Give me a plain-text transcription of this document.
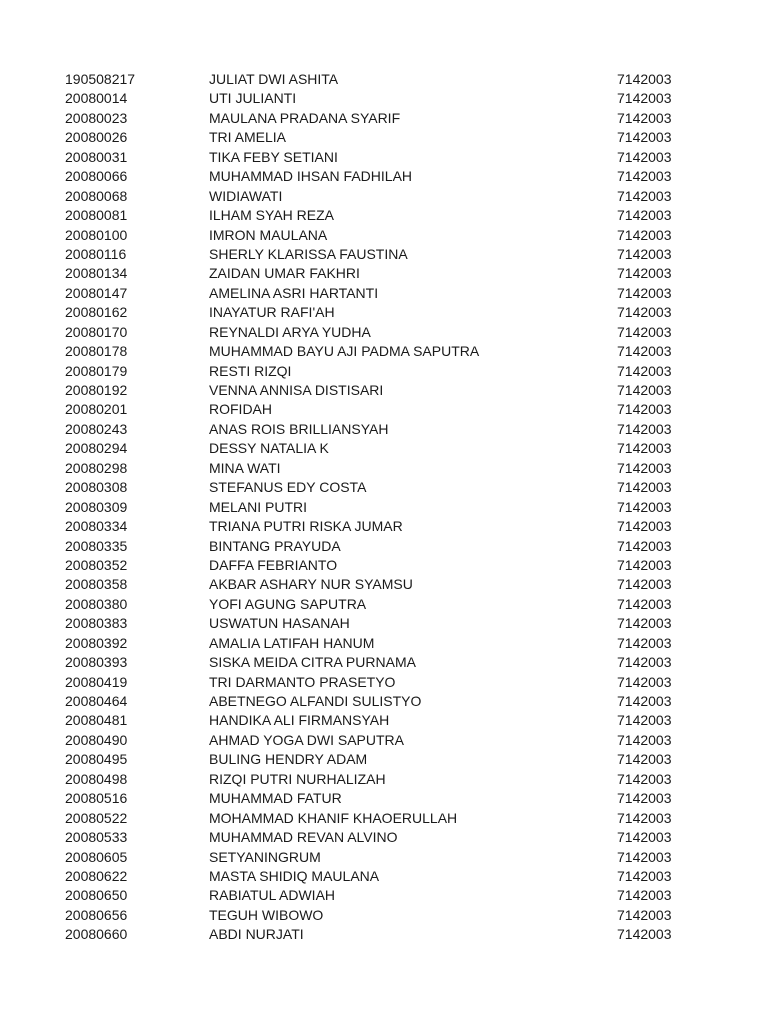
190508217	JULIAT DWI ASHITA	7142003
20080014	UTI JULIANTI	7142003
20080023	MAULANA PRADANA SYARIF	7142003
20080026	TRI AMELIA	7142003
20080031	TIKA FEBY SETIANI	7142003
20080066	MUHAMMAD IHSAN FADHILAH	7142003
20080068	WIDIAWATI	7142003
20080081	ILHAM SYAH REZA	7142003
20080100	IMRON MAULANA	7142003
20080116	SHERLY KLARISSA FAUSTINA	7142003
20080134	ZAIDAN UMAR FAKHRI	7142003
20080147	AMELINA ASRI HARTANTI	7142003
20080162	INAYATUR RAFI'AH	7142003
20080170	REYNALDI ARYA YUDHA	7142003
20080178	MUHAMMAD BAYU AJI PADMA SAPUTRA	7142003
20080179	RESTI RIZQI	7142003
20080192	VENNA ANNISA DISTISARI	7142003
20080201	ROFIDAH	7142003
20080243	ANAS ROIS BRILLIANSYAH	7142003
20080294	DESSY NATALIA K	7142003
20080298	MINA WATI	7142003
20080308	STEFANUS EDY COSTA	7142003
20080309	MELANI PUTRI	7142003
20080334	TRIANA PUTRI RISKA JUMAR	7142003
20080335	BINTANG PRAYUDA	7142003
20080352	DAFFA FEBRIANTO	7142003
20080358	AKBAR ASHARY NUR SYAMSU	7142003
20080380	YOFI AGUNG SAPUTRA	7142003
20080383	USWATUN HASANAH	7142003
20080392	AMALIA LATIFAH HANUM	7142003
20080393	SISKA MEIDA CITRA PURNAMA	7142003
20080419	TRI DARMANTO PRASETYO	7142003
20080464	ABETNEGO ALFANDI SULISTYO	7142003
20080481	HANDIKA ALI FIRMANSYAH	7142003
20080490	AHMAD YOGA DWI SAPUTRA	7142003
20080495	BULING HENDRY ADAM	7142003
20080498	RIZQI PUTRI NURHALIZAH	7142003
20080516	MUHAMMAD FATUR	7142003
20080522	MOHAMMAD KHANIF KHAOERULLAH	7142003
20080533	MUHAMMAD REVAN ALVINO	7142003
20080605	SETYANINGRUM	7142003
20080622	MASTA SHIDIQ MAULANA	7142003
20080650	RABIATUL ADWIAH	7142003
20080656	TEGUH WIBOWO	7142003
20080660	ABDI NURJATI	7142003
